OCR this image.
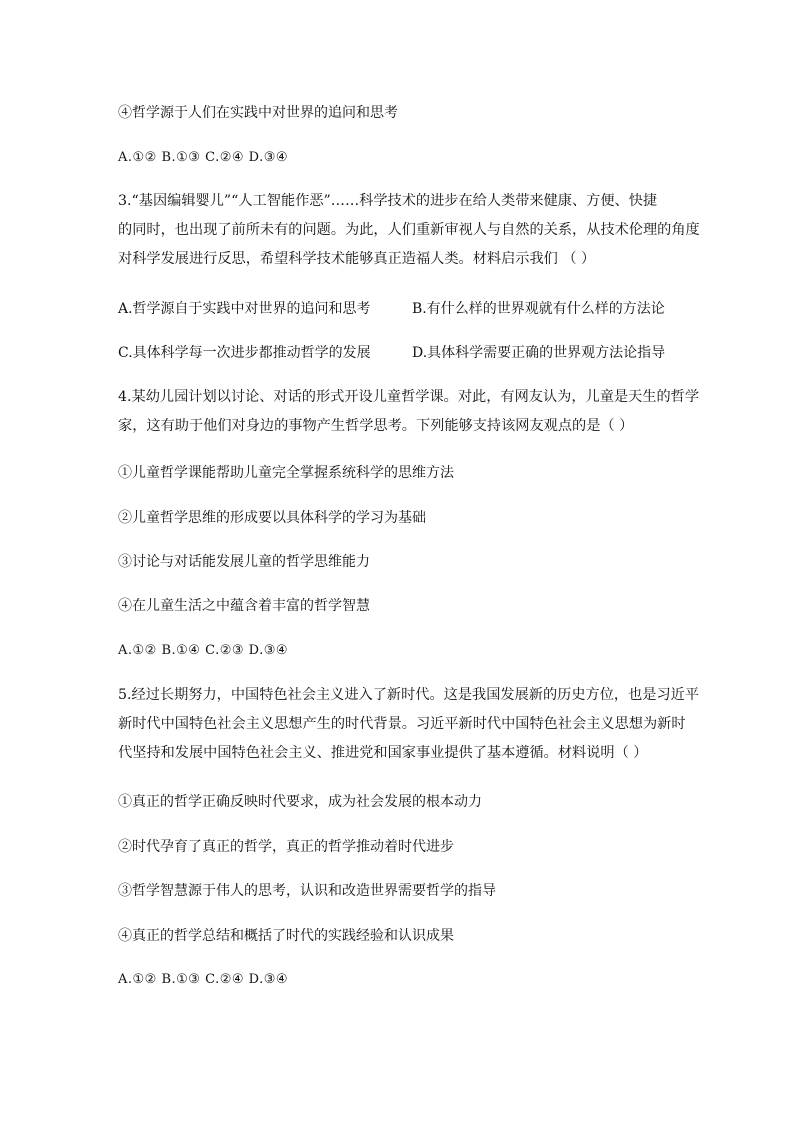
④哲学源于人们在实践中对世界的追问和思考
A.①② B.①③ C.②④ D.③④
3.“基因编辑婴儿”“人工智能作恶”……科学技术的进步在给人类带来健康、方便、快捷
的同时，也出现了前所未有的问题。为此，人们重新审视人与自然的关系，从技术伦理的角度
对科学发展进行反思，希望科学技术能够真正造福人类。材料启示我们 （ ）
A.哲学源自于实践中对世界的追问和思考	B.有什么样的世界观就有什么样的方法论
C.具体科学每一次进步都推动哲学的发展	D.具体科学需要正确的世界观方法论指导
4.某幼儿园计划以讨论、对话的形式开设儿童哲学课。对此，有网友认为，儿童是天生的哲学
家，这有助于他们对身边的事物产生哲学思考。下列能够支持该网友观点的是（ ）
①儿童哲学课能帮助儿童完全掌握系统科学的思维方法
②儿童哲学思维的形成要以具体科学的学习为基础
③讨论与对话能发展儿童的哲学思维能力
④在儿童生活之中蕴含着丰富的哲学智慧
A.①② B.①④ C.②③ D.③④
5.经过长期努力，中国特色社会主义进入了新时代。这是我国发展新的历史方位，也是习近平
新时代中国特色社会主义思想产生的时代背景。习近平新时代中国特色社会主义思想为新时
代坚持和发展中国特色社会主义、推进党和国家事业提供了基本遵循。材料说明（ ）
①真正的哲学正确反映时代要求，成为社会发展的根本动力
②时代孕育了真正的哲学，真正的哲学推动着时代进步
③哲学智慧源于伟人的思考，认识和改造世界需要哲学的指导
④真正的哲学总结和概括了时代的实践经验和认识成果
A.①② B.①③ C.②④ D.③④
